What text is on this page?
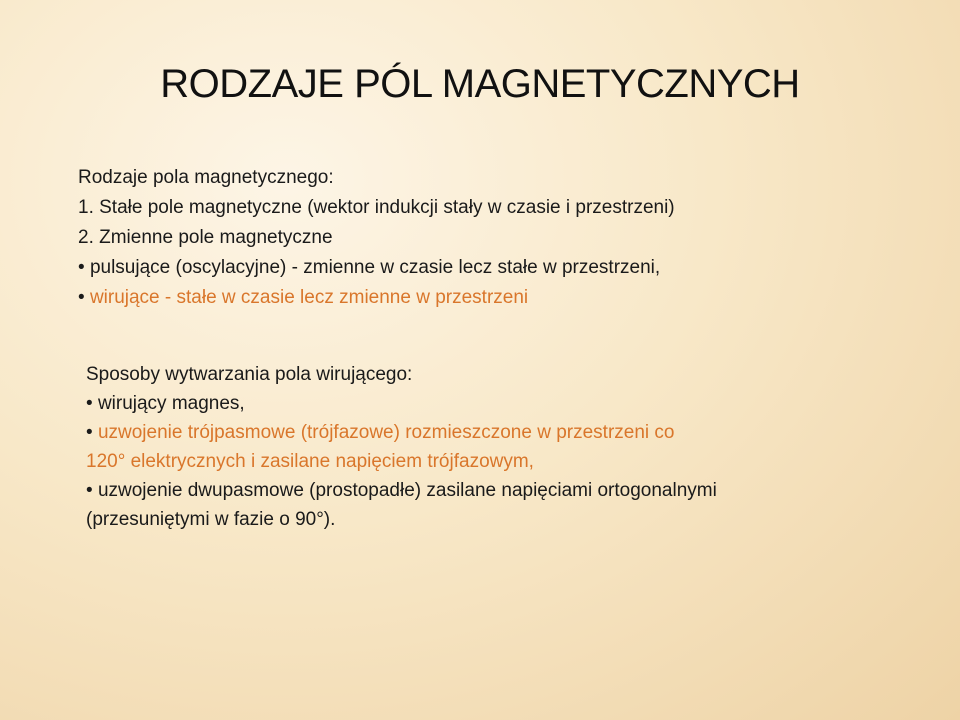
RODZAJE PÓL MAGNETYCZNYCH
Rodzaje pola magnetycznego:
1. Stałe pole magnetyczne (wektor indukcji stały w czasie i przestrzeni)
2. Zmienne pole magnetyczne
• pulsujące (oscylacyjne) - zmienne w czasie lecz stałe w przestrzeni,
• wirujące - stałe w czasie lecz zmienne w przestrzeni
Sposoby wytwarzania pola wirującego:
• wirujący magnes,
• uzwojenie trójpasmowe (trójfazowe) rozmieszczone w przestrzeni co
120° elektrycznych i zasilane napięciem trójfazowym,
• uzwojenie dwupasmowe (prostopadłe) zasilane napięciami ortogonalnymi
(przesuniętymi w fazie o 90°).
